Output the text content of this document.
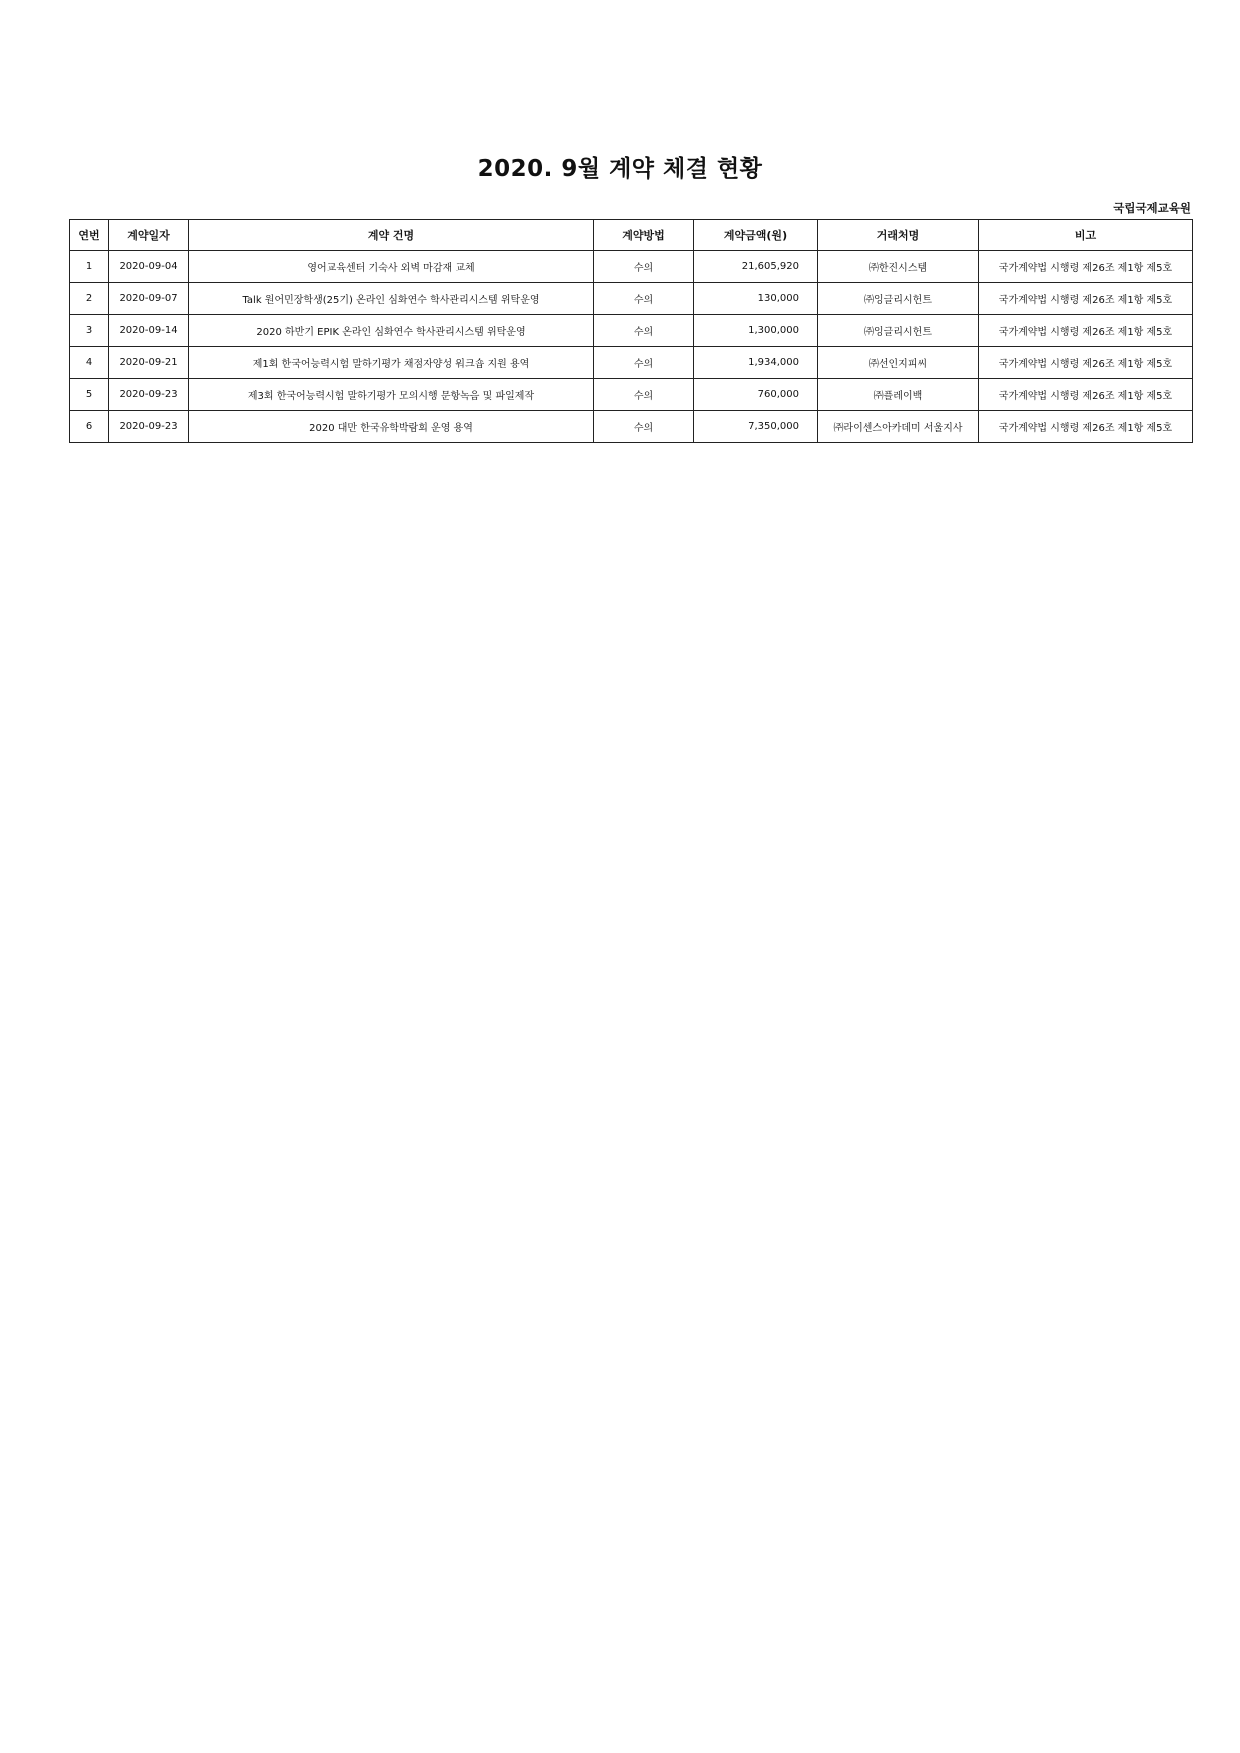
2020. 9월 계약 체결 현황
국립국제교육원
연번	계약일자	계약 건명	계약방법	계약금액(원)	거래처명	비고
1	2020-09-04	영어교육센터 기숙사 외벽 마감재 교체	수의	21,605,920	㈜한진시스템	국가계약법 시행령 제26조 제1항 제5호
2	2020-09-07	Talk 원어민장학생(25기) 온라인 심화연수 학사관리시스템 위탁운영	수의	130,000	㈜잉글리시헌트	국가계약법 시행령 제26조 제1항 제5호
3	2020-09-14	2020 하반기 EPIK 온라인 심화연수 학사관리시스템 위탁운영	수의	1,300,000	㈜잉글리시헌트	국가계약법 시행령 제26조 제1항 제5호
4	2020-09-21	제1회 한국어능력시험 말하기평가 채점자양성 워크숍 지원 용역	수의	1,934,000	㈜선인지피씨	국가계약법 시행령 제26조 제1항 제5호
5	2020-09-23	제3회 한국어능력시험 말하기평가 모의시행 문항녹음 및 파일제작	수의	760,000	㈜플레이백	국가계약법 시행령 제26조 제1항 제5호
6	2020-09-23	2020 대만 한국유학박람회 운영 용역	수의	7,350,000	㈜라이센스아카데미 서울지사	국가계약법 시행령 제26조 제1항 제5호
